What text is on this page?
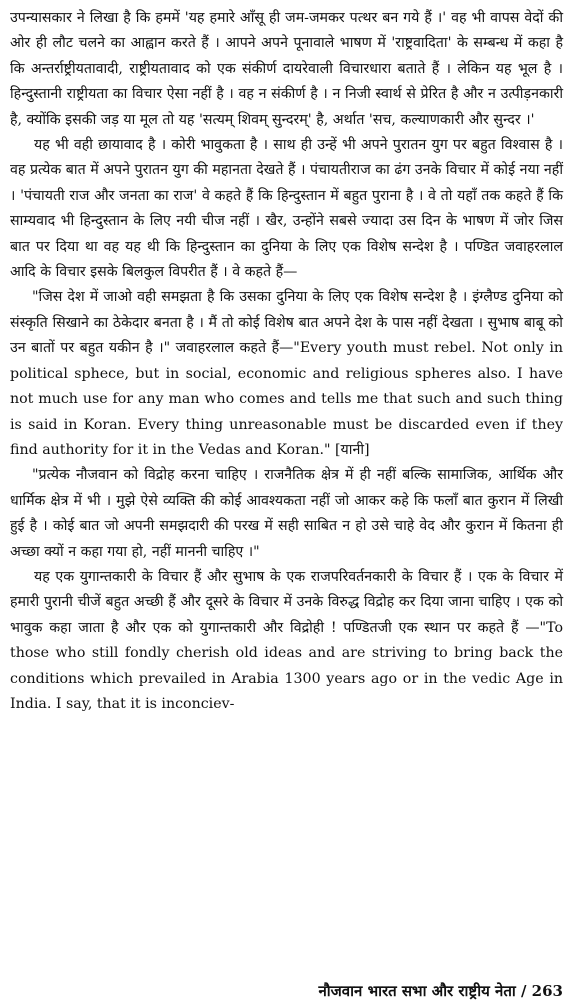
उपन्यासकार ने लिखा है कि हममें 'यह हमारे आँसू ही जम-जमकर पत्थर बन गये हैं ।' वह भी वापस वेदों की ओर ही लौट चलने का आह्वान करते हैं । आपने अपने पूनावाले भाषण में 'राष्ट्रवादिता' के सम्बन्ध में कहा है कि अन्तर्राष्ट्रीयतावादी, राष्ट्रीयतावाद को एक संकीर्ण दायरेवाली विचारधारा बताते हैं । लेकिन यह भूल है । हिन्दुस्तानी राष्ट्रीयता का विचार ऐसा नहीं है । वह न संकीर्ण है । न निजी स्वार्थ से प्रेरित है और न उत्पीड़नकारी है, क्योंकि इसकी जड़ या मूल तो यह 'सत्यम् शिवम् सुन्दरम्' है, अर्थात 'सच, कल्याणकारी और सुन्दर ।'

यह भी वही छायावाद है । कोरी भावुकता है । साथ ही उन्हें भी अपने पुरातन युग पर बहुत विश्वास है । वह प्रत्येक बात में अपने पुरातन युग की महानता देखते हैं । पंचायतीराज का ढंग उनके विचार में कोई नया नहीं । 'पंचायती राज और जनता का राज' वे कहते हैं कि हिन्दुस्तान में बहुत पुराना है । वे तो यहाँ तक कहते हैं कि साम्यवाद भी हिन्दुस्तान के लिए नयी चीज नहीं । खैर, उन्होंने सबसे ज्यादा उस दिन के भाषण में जोर जिस बात पर दिया था वह यह थी कि हिन्दुस्तान का दुनिया के लिए एक विशेष सन्देश है । पण्डित जवाहरलाल आदि के विचार इसके बिलकुल विपरीत हैं । वे कहते हैं—

"जिस देश में जाओ वही समझता है कि उसका दुनिया के लिए एक विशेष सन्देश है । इंग्लैण्ड दुनिया को संस्कृति सिखाने का ठेकेदार बनता है । मैं तो कोई विशेष बात अपने देश के पास नहीं देखता । सुभाष बाबू को उन बातों पर बहुत यकीन है ।" जवाहरलाल कहते हैं—"Every youth must rebel. Not only in political sphece, but in social, economic and religious spheres also. I have not much use for any man who comes and tells me that such and such thing is said in Koran. Every thing unreasonable must be discarded even if they find authority for it in the Vedas and Koran." [यानी]

"प्रत्येक नौजवान को विद्रोह करना चाहिए । राजनैतिक क्षेत्र में ही नहीं बल्कि सामाजिक, आर्थिक और धार्मिक क्षेत्र में भी । मुझे ऐसे व्यक्ति की कोई आवश्यकता नहीं जो आकर कहे कि फलाँ बात कुरान में लिखी हुई है । कोई बात जो अपनी समझदारी की परख में सही साबित न हो उसे चाहे वेद और कुरान में कितना ही अच्छा क्यों न कहा गया हो, नहीं माननी चाहिए ।"

यह एक युगान्तकारी के विचार हैं और सुभाष के एक राजपरिवर्तनकारी के विचार हैं । एक के विचार में हमारी पुरानी चीजें बहुत अच्छी हैं और दूसरे के विचार में उनके विरुद्ध विद्रोह कर दिया जाना चाहिए । एक को भावुक कहा जाता है और एक को युगान्तकारी और विद्रोही ! पण्डितजी एक स्थान पर कहते हैं —"To those who still fondly cherish old ideas and are striving to bring back the conditions which prevailed in Arabia 1300 years ago or in the vedic Age in India. I say, that it is inconciev-

नौजवान भारत सभा और राष्ट्रीय नेता / 263
